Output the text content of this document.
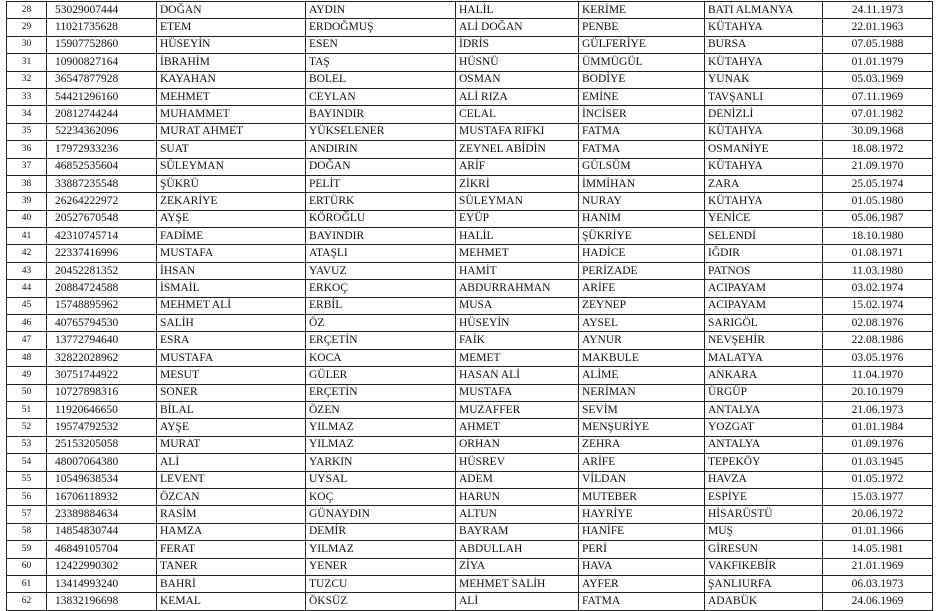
28	53029007444	DOĞAN	AYDIN	HALİL	KERİME	BATI ALMANYA	24.11.1973
29	11021735628	ETEM	ERDOĞMUŞ	ALİ DOĞAN	PENBE	KÜTAHYA	22.01.1963
30	15907752860	HÜSEYİN	ESEN	İDRİS	GÜLFERİYE	BURSA	07.05.1988
31	10900827164	İBRAHİM	TAŞ	HÜSNÜ	ÜMMÜGÜL	KÜTAHYA	01.01.1979
32	36547877928	KAYAHAN	BOLEL	OSMAN	BODİYE	YUNAK	05.03.1969
33	54421296160	MEHMET	CEYLAN	ALİ RIZA	EMİNE	TAVŞANLI	07.11.1969
34	20812744244	MUHAMMET	BAYINDIR	CELAL	İNCİSER	DENİZLİ	07.01.1982
35	52234362096	MURAT AHMET	YÜKSELENER	MUSTAFA RIFKI	FATMA	KÜTAHYA	30.09.1968
36	17972933236	SUAT	ANDIRIN	ZEYNEL ABİDİN	FATMA	OSMANİYE	18.08.1972
37	46852535604	SÜLEYMAN	DOĞAN	ARİF	GÜLSÜM	KÜTAHYA	21.09.1970
38	33887235548	ŞÜKRÜ	PELİT	ZİKRİ	İMMİHAN	ZARA	25.05.1974
39	26264222972	ZEKARİYE	ERTÜRK	SÜLEYMAN	NURAY	KÜTAHYA	01.05.1980
40	20527670548	AYŞE	KÖROĞLU	EYÜP	HANIM	YENİCE	05.06.1987
41	42310745714	FADİME	BAYINDIR	HALİL	ŞÜKRİYE	SELENDİ	18.10.1980
42	22337416996	MUSTAFA	ATAŞLI	MEHMET	HADİCE	IĞDIR	01.08.1971
43	20452281352	İHSAN	YAVUZ	HAMİT	PERİZADE	PATNOS	11.03.1980
44	20884724588	İSMAİL	ERKOÇ	ABDURRAHMAN	ARİFE	ACIPAYAM	03.02.1974
45	15748895962	MEHMET ALİ	ERBİL	MUSA	ZEYNEP	ACIPAYAM	15.02.1974
46	40765794530	SALİH	ÖZ	HÜSEYİN	AYSEL	SARIGÖL	02.08.1976
47	13772794640	ESRA	ERÇETİN	FAİK	AYNUR	NEVŞEHİR	22.08.1986
48	32822028962	MUSTAFA	KOCA	MEMET	MAKBULE	MALATYA	03.05.1976
49	30751744922	MESUT	GÜLER	HASAN ALİ	ALİME	ANKARA	11.04.1970
50	10727898316	SONER	ERÇETİN	MUSTAFA	NERİMAN	ÜRGÜP	20.10.1979
51	11920646650	BİLAL	ÖZEN	MUZAFFER	SEVİM	ANTALYA	21.06.1973
52	19574792532	AYŞE	YILMAZ	AHMET	MENŞURİYE	YOZGAT	01.01.1984
53	25153205058	MURAT	YILMAZ	ORHAN	ZEHRA	ANTALYA	01.09.1976
54	48007064380	ALİ	YARKIN	HÜSREV	ARİFE	TEPEKÖY	01.03.1945
55	10549638534	LEVENT	UYSAL	ADEM	VİLDAN	HAVZA	01.05.1972
56	16706118932	ÖZCAN	KOÇ	HARUN	MUTEBER	ESPİYE	15.03.1977
57	23389884634	RASİM	GÜNAYDIN	ALTUN	HAYRİYE	HİSARÜSTÜ	20.06.1972
58	14854830744	HAMZA	DEMİR	BAYRAM	HANİFE	MUŞ	01.01.1966
59	46849105704	FERAT	YILMAZ	ABDULLAH	PERİ	GİRESUN	14.05.1981
60	12422990302	TANER	YENER	ZİYA	HAVA	VAKFIKEBİR	21.01.1969
61	13414993240	BAHRİ	TUZCU	MEHMET SALİH	AYFER	ŞANLIURFA	06.03.1973
62	13832196698	KEMAL	ÖKSÜZ	ALİ	FATMA	ADABÜK	24.06.1969
